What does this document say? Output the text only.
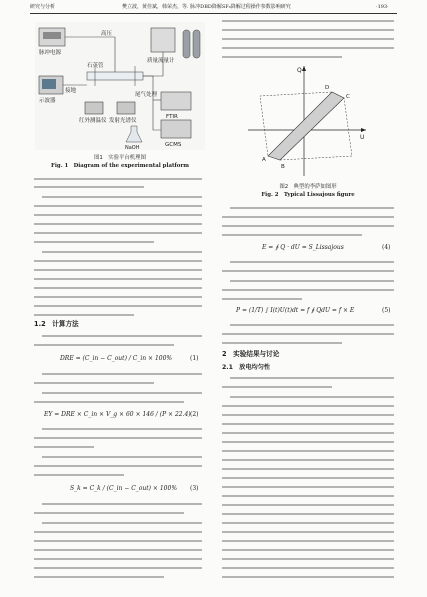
研究与分析	樊立波，黄佳斌，韩荣杰，等. 脉冲DBD降解SF₆降解过程操作参数影响研究	·193·
脉冲电源
高压
石英管
接地
示波器
质量流量计
红外测温仪 发射光谱仪
尾气处理
FTIR
GCMS
NaOH
图1　实验平台机理图
Fig. 1　Diagram of the experimental platform
1.2　计算方法
DRE = (C_in − C_out) / C_in × 100%	(1)
EY = DRE × C_in × V_g × 60 × 146 / (P × 22.4) (2)
S_k = C_k / (C_in − C_out) × 100% (3)
Q
U
A
B
C
D
图2　典型的李萨如图形
Fig. 2　Typical Lissajous figure
E = ∮ Q · dU = S_Lissajous	(4)
P = (1/T) ∫ I(t)U(t)dt = f ∮ QdU = f × E	(5)
2　实验结果与讨论
2.1　放电均匀性
